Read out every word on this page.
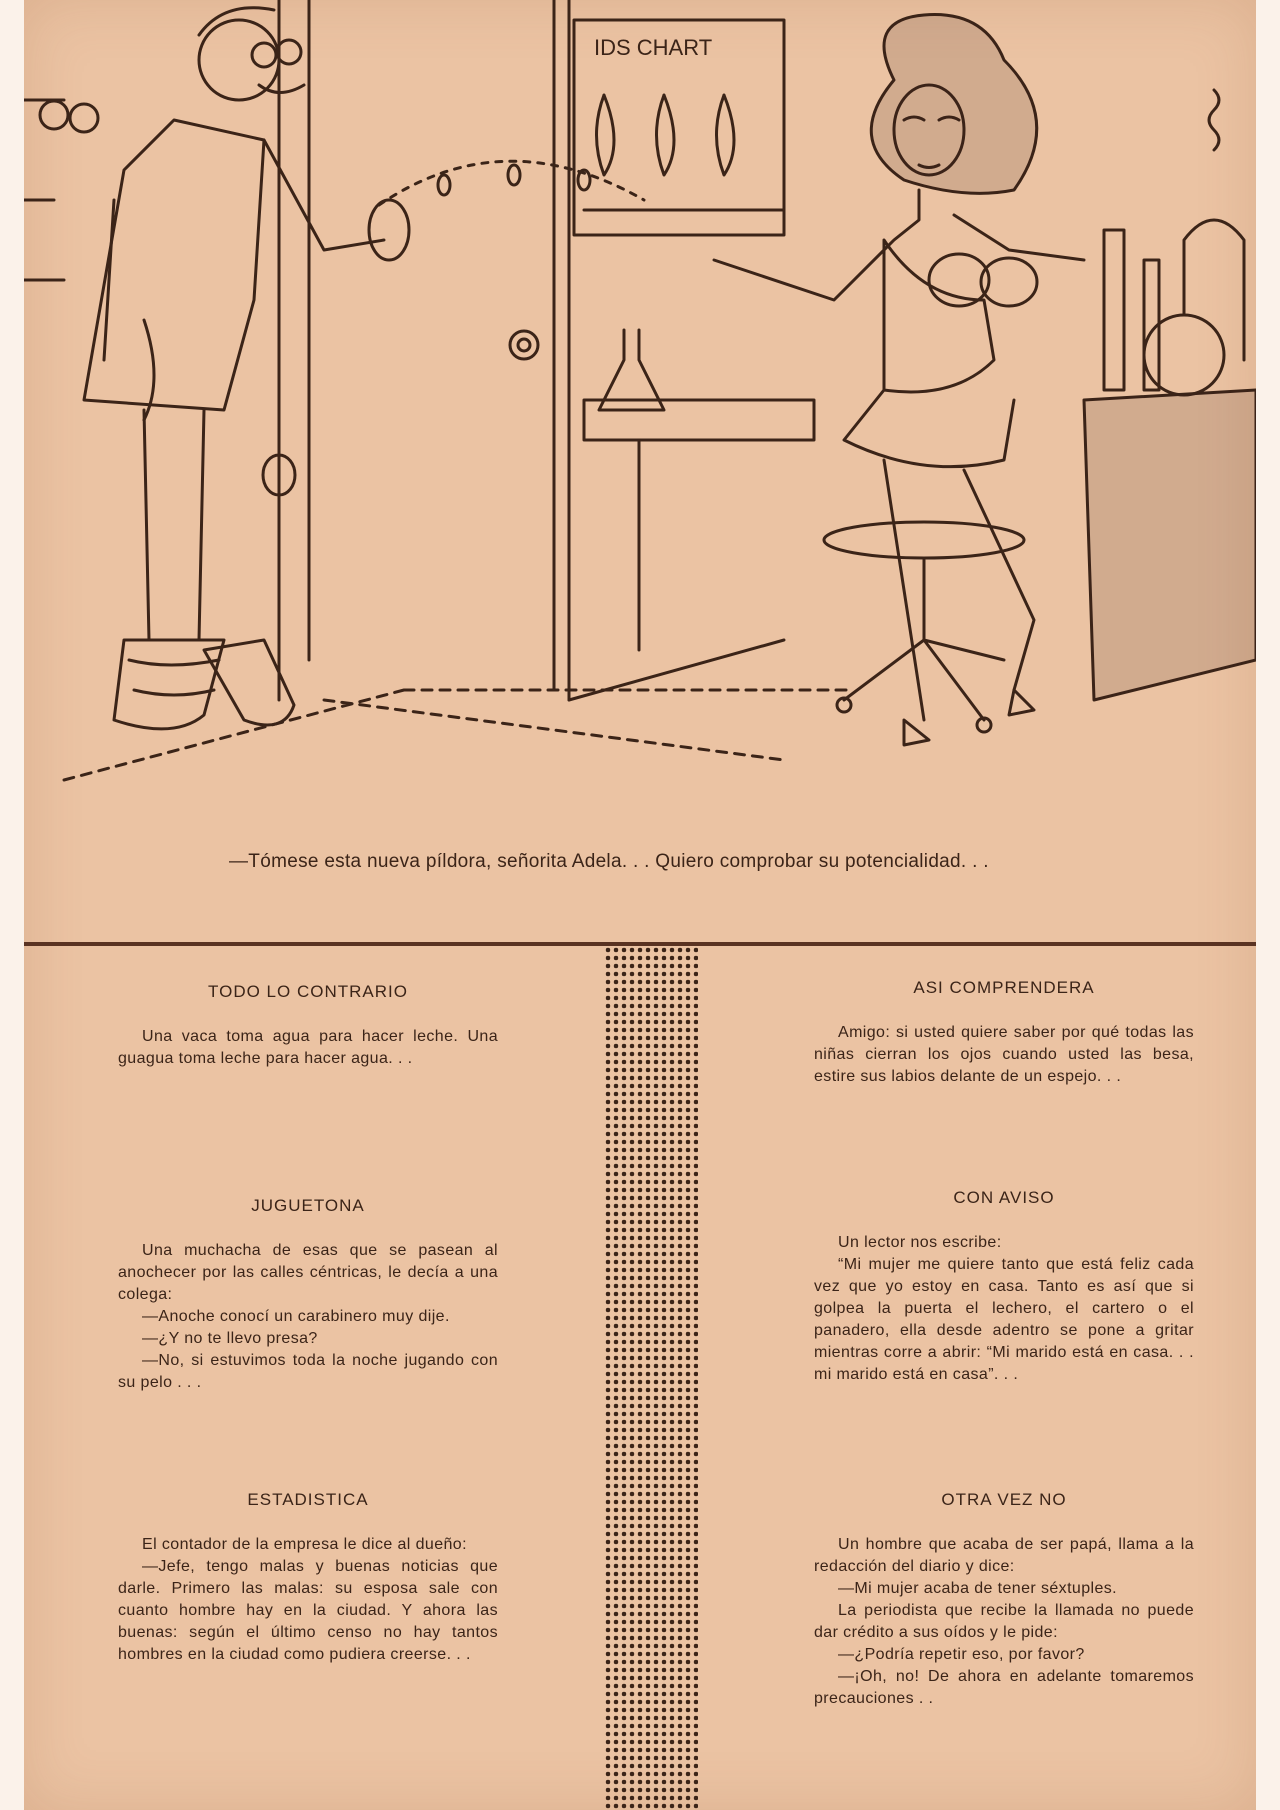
IDS CHART

—Tómese esta nueva píldora, señorita Adela. . . Quiero comprobar su potencialidad. . .

TODO LO CONTRARIO

Una vaca toma agua para hacer leche. Una guagua toma leche para hacer agua. . .

JUGUETONA

Una muchacha de esas que se pasean al anochecer por las calles céntricas, le decía a una colega:

—Anoche conocí un carabinero muy dije.

—¿Y no te llevo presa?

—No, si estuvimos toda la noche jugando con su pelo . . .

ESTADISTICA

El contador de la empresa le dice al dueño:

—Jefe, tengo malas y buenas noticias que darle. Primero las malas: su esposa sale con cuanto hombre hay en la ciudad. Y ahora las buenas: según el último censo no hay tantos hombres en la ciudad como pudiera creerse. . .

ASI COMPRENDERA

Amigo: si usted quiere saber por qué todas las niñas cierran los ojos cuando usted las besa, estire sus labios delante de un espejo. . .

CON AVISO

Un lector nos escribe:

“Mi mujer me quiere tanto que está feliz cada vez que yo estoy en casa. Tanto es así que si golpea la puerta el lechero, el cartero o el panadero, ella desde adentro se pone a gritar mientras corre a abrir: “Mi marido está en casa. . . mi marido está en casa”. . .

OTRA VEZ NO

Un hombre que acaba de ser papá, llama a la redacción del diario y dice:

—Mi mujer acaba de tener séxtuples.

La periodista que recibe la llamada no puede dar crédito a sus oídos y le pide:

—¿Podría repetir eso, por favor?

—¡Oh, no! De ahora en adelante tomaremos precauciones . .
